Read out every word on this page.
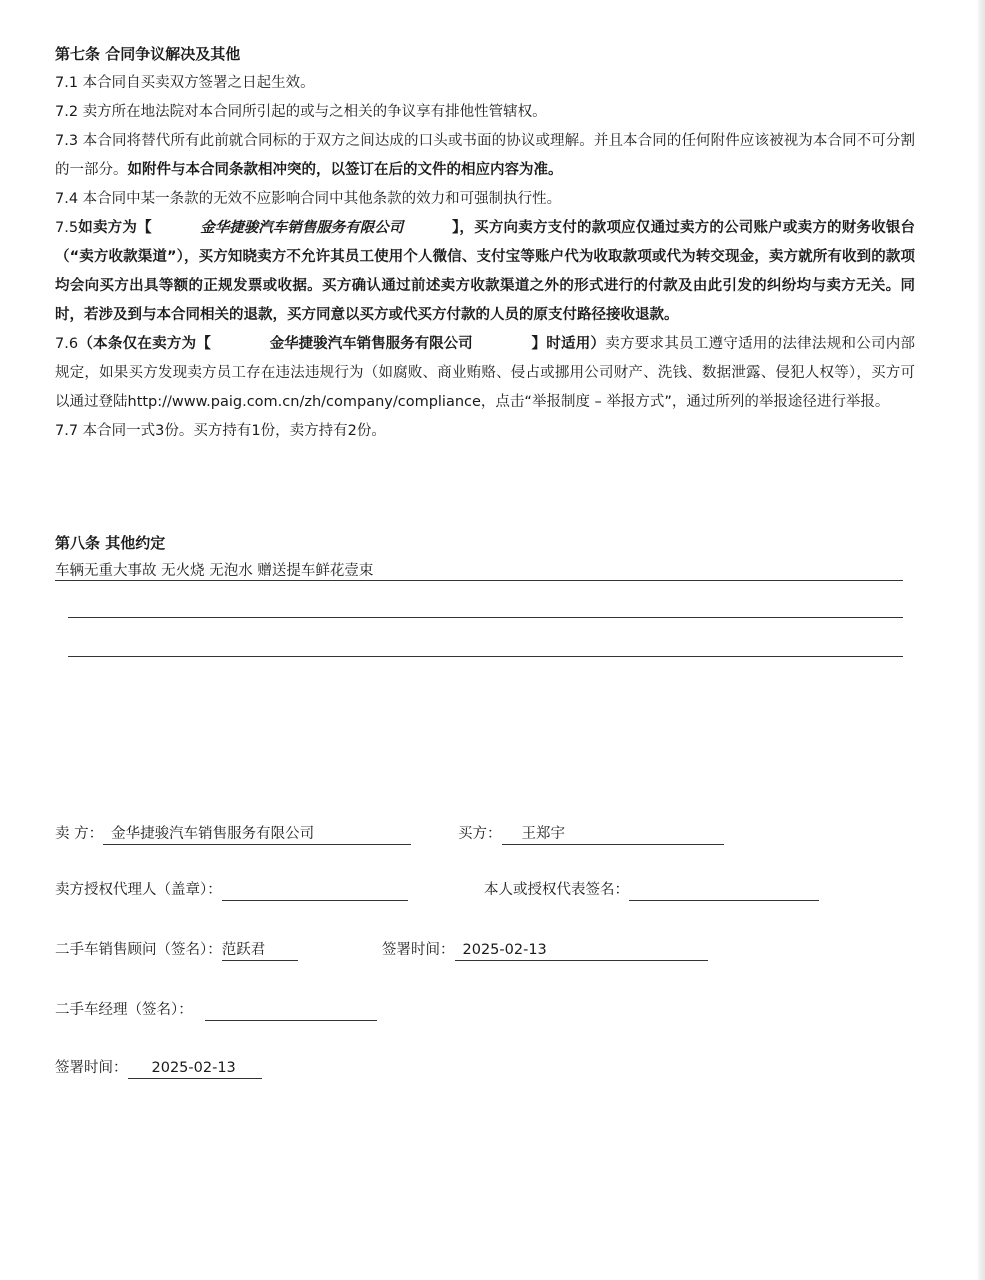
第七条 合同争议解决及其他
7.1 本合同自买卖双方签署之日起生效。
7.2 卖方所在地法院对本合同所引起的或与之相关的争议享有排他性管辖权。
7.3 本合同将替代所有此前就合同标的于双方之间达成的口头或书面的协议或理解。并且本合同的任何附件应该被视为本合同不可分割的一部分。如附件与本合同条款相冲突的，以签订在后的文件的相应内容为准。
7.4 本合同中某一条款的无效不应影响合同中其他条款的效力和可强制执行性。
7.5如卖方为【	金华捷骏汽车销售服务有限公司	】，买方向卖方支付的款项应仅通过卖方的公司账户或卖方的财务收银台（“卖方收款渠道”），买方知晓卖方不允许其员工使用个人微信、支付宝等账户代为收取款项或代为转交现金，卖方就所有收到的款项均会向买方出具等额的正规发票或收据。买方确认通过前述卖方收款渠道之外的形式进行的付款及由此引发的纠纷均与卖方无关。同时，若涉及到与本合同相关的退款，买方同意以买方或代买方付款的人员的原支付路径接收退款。
7.6（本条仅在卖方为【	金华捷骏汽车销售服务有限公司	】时适用）卖方要求其员工遵守适用的法律法规和公司内部规定，如果买方发现卖方员工存在违法违规行为（如腐败、商业贿赂、侵占或挪用公司财产、洗钱、数据泄露、侵犯人权等），买方可以通过登陆http://www.paig.com.cn/zh/company/compliance，点击“举报制度 – 举报方式”，通过所列的举报途径进行举报。
7.7 本合同一式3份。买方持有1份，卖方持有2份。
第八条 其他约定
车辆无重大事故 无火烧 无泡水 赠送提车鲜花壹束
卖 方： 金华捷骏汽车销售服务有限公司	买方： 王郑宇
卖方授权代理人（盖章）：	本人或授权代表签名：
二手车销售顾问（签名）：范跃君	签署时间： 2025-02-13
二手车经理（签名）：
签署时间： 2025-02-13
